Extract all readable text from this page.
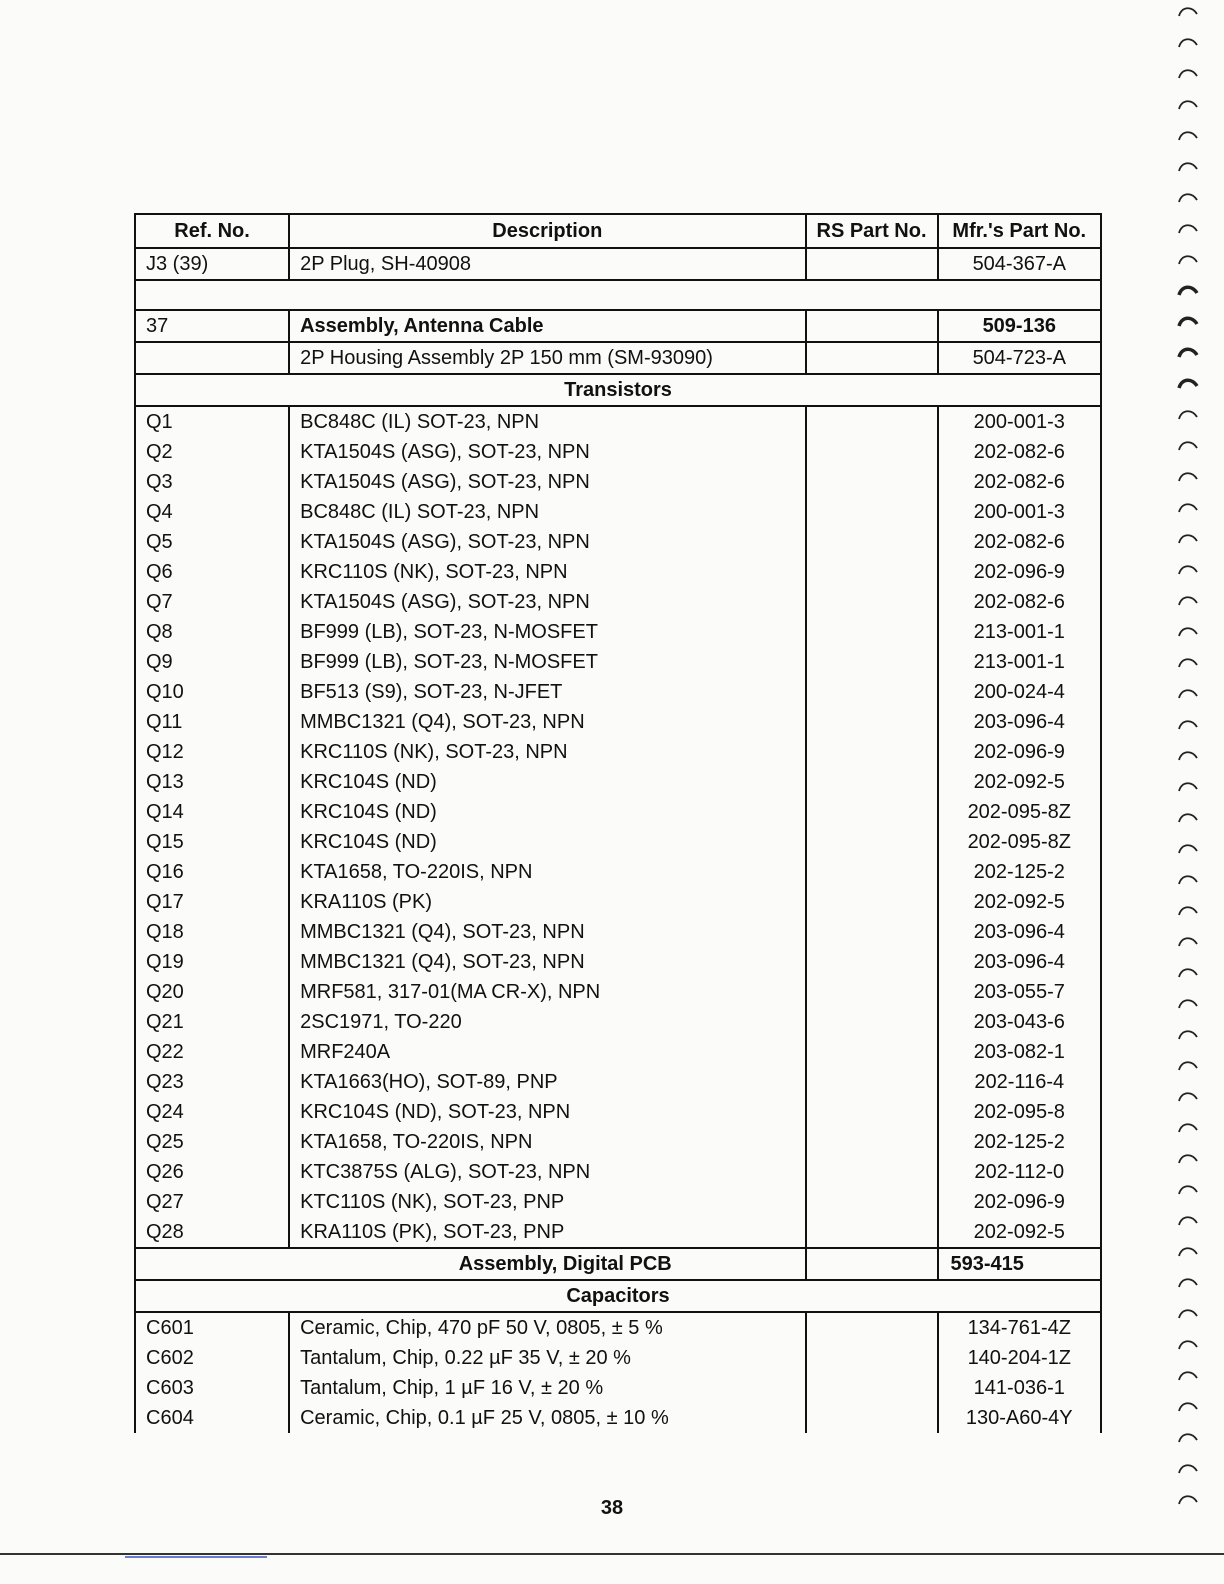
Ref. No.	Description	RS Part No.	Mfr.'s Part No.
J3 (39)	2P Plug, SH-40908		504-367-A

37	Assembly, Antenna Cable		509-136
	2P Housing Assembly 2P 150 mm (SM-93090)		504-723-A
Transistors			
Q1	BC848C (IL) SOT-23, NPN		200-001-3
Q2	KTA1504S (ASG), SOT-23, NPN		202-082-6
Q3	KTA1504S (ASG), SOT-23, NPN		202-082-6
Q4	BC848C (IL) SOT-23, NPN		200-001-3
Q5	KTA1504S (ASG), SOT-23, NPN		202-082-6
Q6	KRC110S (NK), SOT-23, NPN		202-096-9
Q7	KTA1504S (ASG), SOT-23, NPN		202-082-6
Q8	BF999 (LB), SOT-23, N-MOSFET		213-001-1
Q9	BF999 (LB), SOT-23, N-MOSFET		213-001-1
Q10	BF513 (S9), SOT-23, N-JFET		200-024-4
Q11	MMBC1321 (Q4), SOT-23, NPN		203-096-4
Q12	KRC110S (NK), SOT-23, NPN		202-096-9
Q13	KRC104S (ND)		202-092-5
Q14	KRC104S (ND)		202-095-8Z
Q15	KRC104S (ND)		202-095-8Z
Q16	KTA1658, TO-220IS, NPN		202-125-2
Q17	KRA110S (PK)		202-092-5
Q18	MMBC1321 (Q4), SOT-23, NPN		203-096-4
Q19	MMBC1321 (Q4), SOT-23, NPN		203-096-4
Q20	MRF581, 317-01(MA CR-X), NPN		203-055-7
Q21	2SC1971, TO-220		203-043-6
Q22	MRF240A		203-082-1
Q23	KTA1663(HO), SOT-89, PNP		202-116-4
Q24	KRC104S (ND), SOT-23, NPN		202-095-8
Q25	KTA1658, TO-220IS, NPN		202-125-2
Q26	KTC3875S (ALG), SOT-23, NPN		202-112-0
Q27	KTC110S (NK), SOT-23, PNP		202-096-9
Q28	KRA110S (PK), SOT-23, PNP		202-092-5
Assembly, Digital PCB			593-415
Capacitors			
C601	Ceramic, Chip, 470 pF 50 V, 0805, ± 5 %		134-761-4Z
C602	Tantalum, Chip, 0.22 µF 35 V, ± 20 %		140-204-1Z
C603	Tantalum, Chip, 1 µF 16 V, ± 20 %		141-036-1
C604	Ceramic, Chip, 0.1 µF 25 V, 0805, ± 10 %		130-A60-4Y
38
